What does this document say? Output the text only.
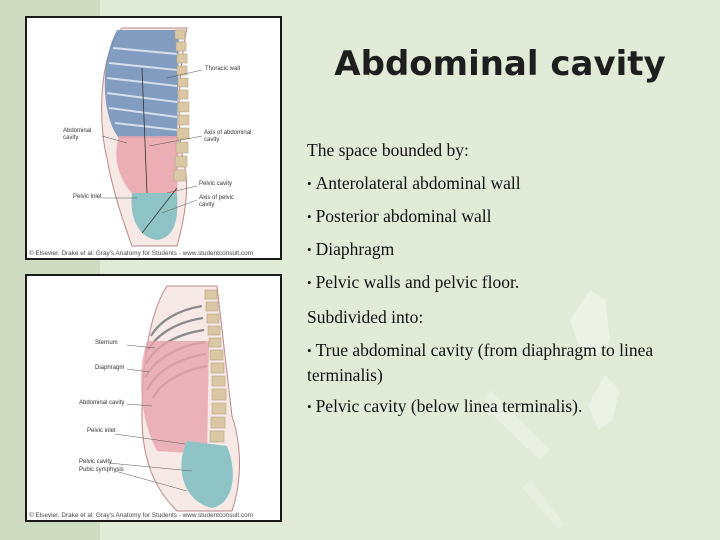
Abdominal cavity
Thoracic wall
Abdominal cavity
Axis of abdominal cavity
Pelvic cavity
Pelvic inlet	Axis of pelvic cavity
© Elsevier. Drake et al: Gray's Anatomy for Students - www.studentconsult.com
Sternum
Diaphragm
Abdominal cavity
Pelvic inlet
Pelvic cavity
Pubic symphysis
© Elsevier. Drake et al: Gray's Anatomy for Students - www.studentconsult.com

The space bounded by:

• Anterolateral abdominal wall

• Posterior abdominal wall

• Diaphragm

• Pelvic walls and pelvic floor.

Subdivided into:

• True abdominal cavity (from diaphragm to linea terminalis)

• Pelvic cavity (below linea terminalis).
